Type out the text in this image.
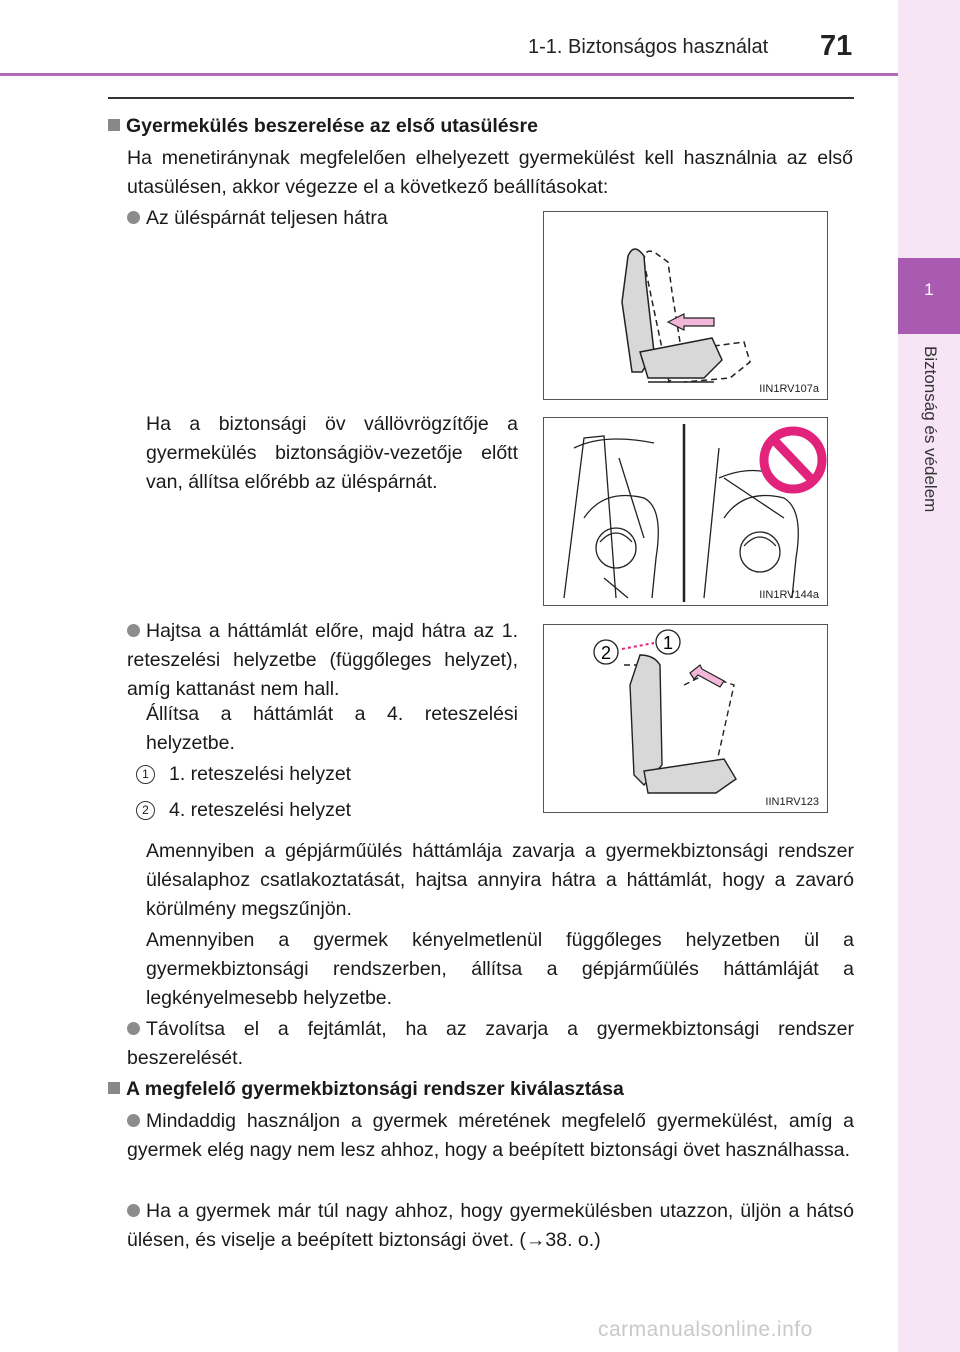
1-1. Biztonságos használat 71
1
Biztonság és védelem
Gyermekülés beszerelése az első utasülésre
Ha menetiránynak megfelelően elhelyezett gyermekülést kell használnia az első utasülésen, akkor végezze el a következő beállításokat:
Az üléspárnát teljesen hátra
IIN1RV107a
Ha a biztonsági öv vállövrögzítője a gyermekülés biztonságiöv-vezetője előtt van, állítsa előrébb az üléspárnát.
IIN1RV144a
Hajtsa a háttámlát előre, majd hátra az 1. reteszelési helyzetbe (függőleges helyzet), amíg kattanást nem hall.
Állítsa a háttámlát a 4. reteszelési helyzetbe.
1 1. reteszelési helyzet
2 4. reteszelési helyzet
2	1
IIN1RV123
Amennyiben a gépjárműülés háttámlája zavarja a gyermekbiztonsági rendszer ülésalaphoz csatlakoztatását, hajtsa annyira hátra a háttámlát, hogy a zavaró körülmény megszűnjön.
Amennyiben a gyermek kényelmetlenül függőleges helyzetben ül a gyermekbiztonsági rendszerben, állítsa a gépjárműülés háttámláját a legkényelmesebb helyzetbe.
Távolítsa el a fejtámlát, ha az zavarja a gyermekbiztonsági rendszer beszerelését.
A megfelelő gyermekbiztonsági rendszer kiválasztása
Mindaddig használjon a gyermek méretének megfelelő gyermekülést, amíg a gyermek elég nagy nem lesz ahhoz, hogy a beépített biztonsági övet használhassa.
Ha a gyermek már túl nagy ahhoz, hogy gyermekülésben utazzon, üljön a hátsó ülésen, és viselje a beépített biztonsági övet. (→38. o.)
carmanualsonline.info
